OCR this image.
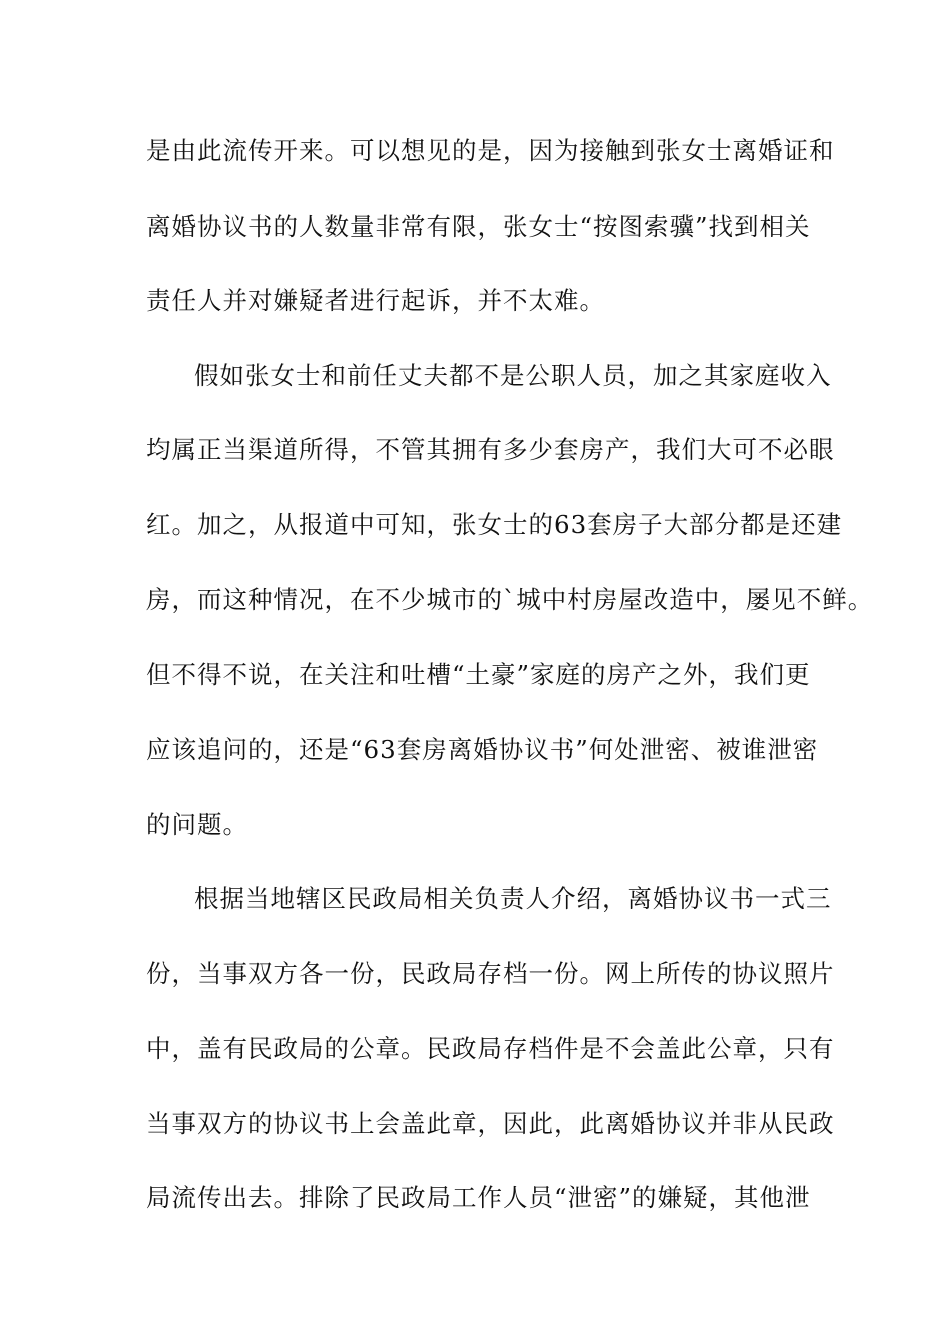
是由此流传开来。可以想见的是，因为接触到张女士离婚证和
离婚协议书的人数量非常有限，张女士“按图索骥”找到相关
责任人并对嫌疑者进行起诉，并不太难。
假如张女士和前任丈夫都不是公职人员，加之其家庭收入
均属正当渠道所得，不管其拥有多少套房产，我们大可不必眼
红。加之，从报道中可知，张女士的63套房子大部分都是还建
房，而这种情况，在不少城市的`城中村房屋改造中，屡见不鲜。
但不得不说，在关注和吐槽“土豪”家庭的房产之外，我们更
应该追问的，还是“63套房离婚协议书”何处泄密、被谁泄密
的问题。
根据当地辖区民政局相关负责人介绍，离婚协议书一式三
份，当事双方各一份，民政局存档一份。网上所传的协议照片
中，盖有民政局的公章。民政局存档件是不会盖此公章，只有
当事双方的协议书上会盖此章，因此，此离婚协议并非从民政
局流传出去。排除了民政局工作人员“泄密”的嫌疑，其他泄
